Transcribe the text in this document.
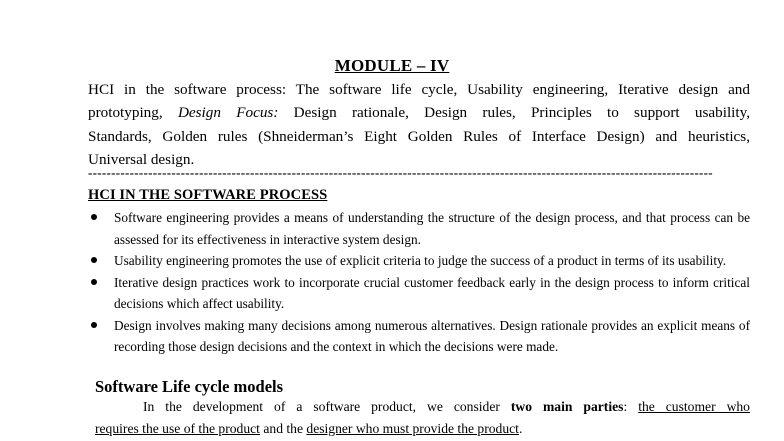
MODULE – IV
HCI in the software process: The software life cycle, Usability engineering, Iterative design and
prototyping, Design Focus: Design rationale, Design rules, Principles to support usability,
Standards, Golden rules (Shneiderman’s Eight Golden Rules of Interface Design) and heuristics,
Universal design.
---------------------------------------------------------------------------------------------------------------------------------------
HCI IN THE SOFTWARE PROCESS
Software engineering provides a means of understanding the structure of the design process, and that process can be assessed for its effectiveness in interactive system design.
Usability engineering promotes the use of explicit criteria to judge the success of a product in terms of its usability.
Iterative design practices work to incorporate crucial customer feedback early in the design process to inform critical decisions which affect usability.
Design involves making many decisions among numerous alternatives. Design rationale provides an explicit means of recording those design decisions and the context in which the decisions were made.
Software Life cycle models
In the development of a software product, we consider two main parties: the customer who
requires the use of the product and the designer who must provide the product.
